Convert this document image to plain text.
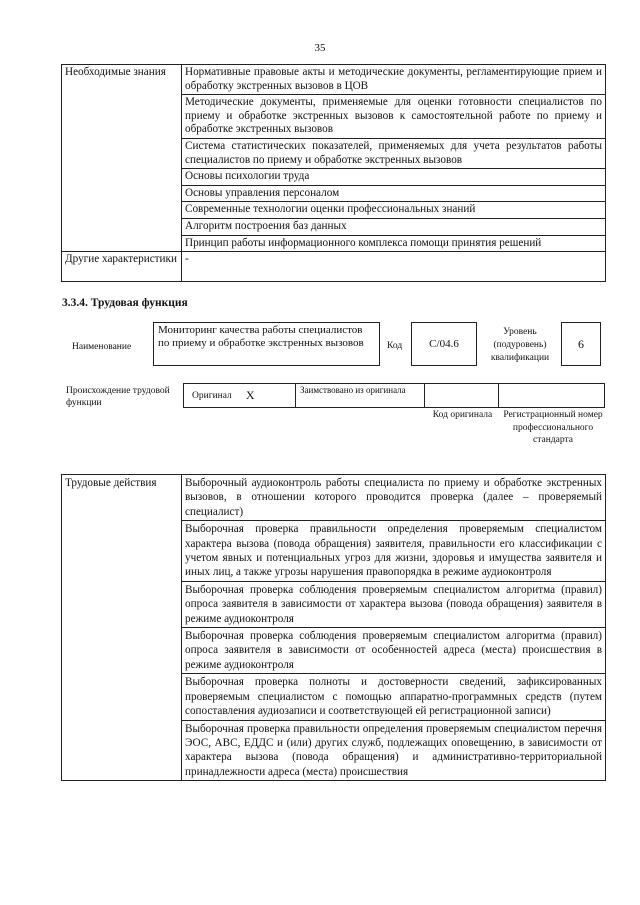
35
Необходимые знания	Нормативные правовые акты и методические документы, регламентирующие прием и обработку экстренных вызовов в ЦОВ
	Методические документы, применяемые для оценки готовности специалистов по приему и обработке экстренных вызовов к самостоятельной работе по приему и обработке экстренных вызовов
	Система статистических показателей, применяемых для учета результатов работы специалистов по приему и обработке экстренных вызовов
	Основы психологии труда
	Основы управления персоналом
	Современные технологии оценки профессиональных знаний
	Алгоритм построения баз данных
	Принцип работы информационного комплекса помощи принятия решений
Другие характеристики	-
3.3.4. Трудовая функция
Наименование
Мониторинг качества работы специалистов по приему и обработке экстренных вызовов	Код	C/04.6
Уровень (подуровень) квалификации
6
Происхождение трудовой функции
Оригинал X	Заимствовано из оригинала
Код оригинала Регистрационный номер профессионального стандарта
Трудовые действия	Выборочный аудиоконтроль работы специалиста по приему и обработке экстренных вызовов, в отношении которого проводится проверка (далее – проверяемый специалист)
Выборочная проверка правильности определения проверяемым специалистом характера вызова (повода обращения) заявителя, правильности его классификации с учетом явных и потенциальных угроз для жизни, здоровья и имущества заявителя и иных лиц, а также угрозы нарушения правопорядка в режиме аудиоконтроля
Выборочная проверка соблюдения проверяемым специалистом алгоритма (правил) опроса заявителя в зависимости от характера вызова (повода обращения) заявителя в режиме аудиоконтроля
Выборочная проверка соблюдения проверяемым специалистом алгоритма (правил) опроса заявителя в зависимости от особенностей адреса (места) происшествия в режиме аудиоконтроля
Выборочная проверка полноты и достоверности сведений, зафиксированных проверяемым специалистом с помощью аппаратно-программных средств (путем сопоставления аудиозаписи и соответствующей ей регистрационной записи)
Выборочная проверка правильности определения проверяемым специалистом перечня ЭОС, АВС, ЕДДС и (или) других служб, подлежащих оповещению, в зависимости от характера вызова (повода обращения) и административно-территориальной принадлежности адреса (места) происшествия
